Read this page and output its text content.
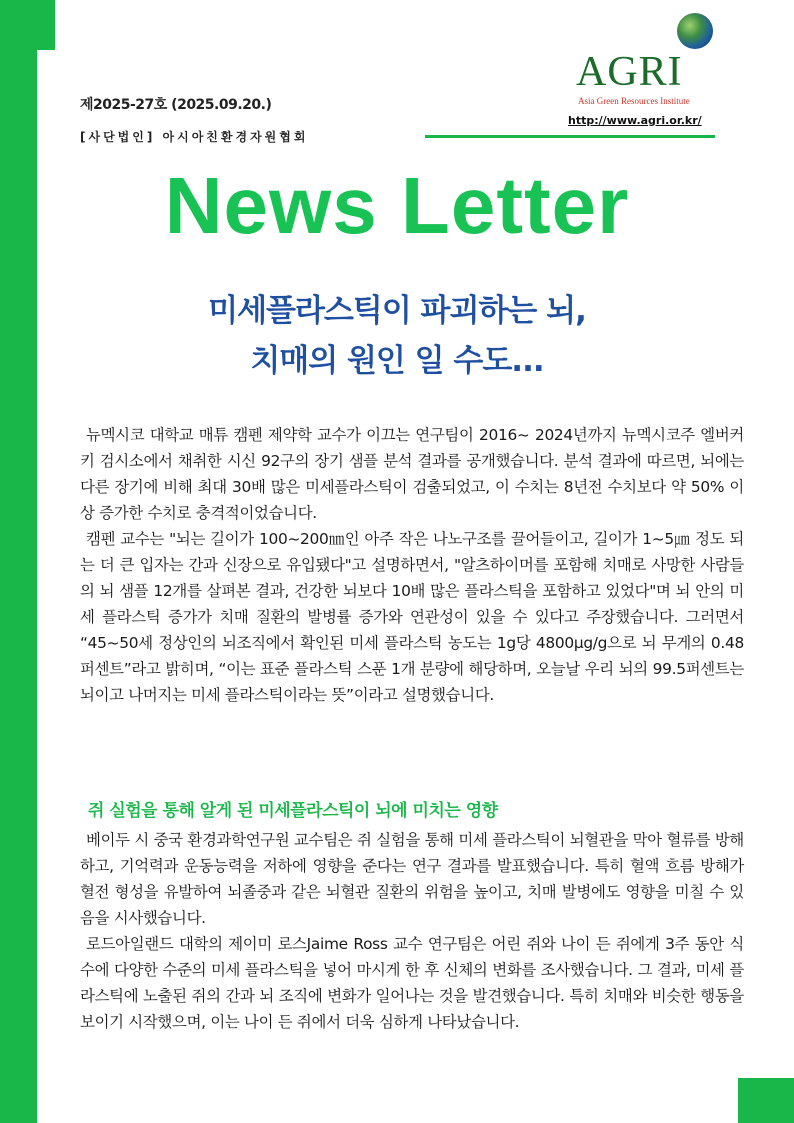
제2025-27호 (2025.09.20.)
[사단법인] 아시아친환경자원협회
AGRI
Asia Green Resources Institute
http://www.agri.or.kr/
News Letter
미세플라스틱이 파괴하는 뇌,
치매의 원인 일 수도...

뉴멕시코 대학교 매튜 캠펜 제약학 교수가 이끄는 연구팀이 2016~ 2024년까지 뉴멕시코주 엘버커키 검시소에서 채취한 시신 92구의 장기 샘플 분석 결과를 공개했습니다. 분석 결과에 따르면, 뇌에는 다른 장기에 비해 최대 30배 많은 미세플라스틱이 검출되었고, 이 수치는 8년전 수치보다 약 50% 이상 증가한 수치로 충격적이었습니다.

캠펜 교수는 "뇌는 길이가 100~200㎚인 아주 작은 나노구조를 끌어들이고, 길이가 1~5㎛ 정도 되는 더 큰 입자는 간과 신장으로 유입됐다"고 설명하면서, "알츠하이머를 포함해 치매로 사망한 사람들의 뇌 샘플 12개를 살펴본 결과, 건강한 뇌보다 10배 많은 플라스틱을 포함하고 있었다"며 뇌 안의 미세 플라스틱 증가가 치매 질환의 발병률 증가와 연관성이 있을 수 있다고 주장했습니다. 그러면서 “45~50세 정상인의 뇌조직에서 확인된 미세 플라스틱 농도는 1g당 4800μg/g으로 뇌 무게의 0.48퍼센트”라고 밝히며, “이는 표준 플라스틱 스푼 1개 분량에 해당하며, 오늘날 우리 뇌의 99.5퍼센트는 뇌이고 나머지는 미세 플라스틱이라는 뜻”이라고 설명했습니다.

쥐 실험을 통해 알게 된 미세플라스틱이 뇌에 미치는 영향

베이두 시 중국 환경과학연구원 교수팀은 쥐 실험을 통해 미세 플라스틱이 뇌혈관을 막아 혈류를 방해하고, 기억력과 운동능력을 저하에 영향을 준다는 연구 결과를 발표했습니다. 특히 혈액 흐름 방해가 혈전 형성을 유발하여 뇌졸중과 같은 뇌혈관 질환의 위험을 높이고, 치매 발병에도 영향을 미칠 수 있음을 시사했습니다.

로드아일랜드 대학의 제이미 로스Jaime Ross 교수 연구팀은 어린 쥐와 나이 든 쥐에게 3주 동안 식수에 다양한 수준의 미세 플라스틱을 넣어 마시게 한 후 신체의 변화를 조사했습니다. 그 결과, 미세 플라스틱에 노출된 쥐의 간과 뇌 조직에 변화가 일어나는 것을 발견했습니다. 특히 치매와 비슷한 행동을 보이기 시작했으며, 이는 나이 든 쥐에서 더욱 심하게 나타났습니다.
